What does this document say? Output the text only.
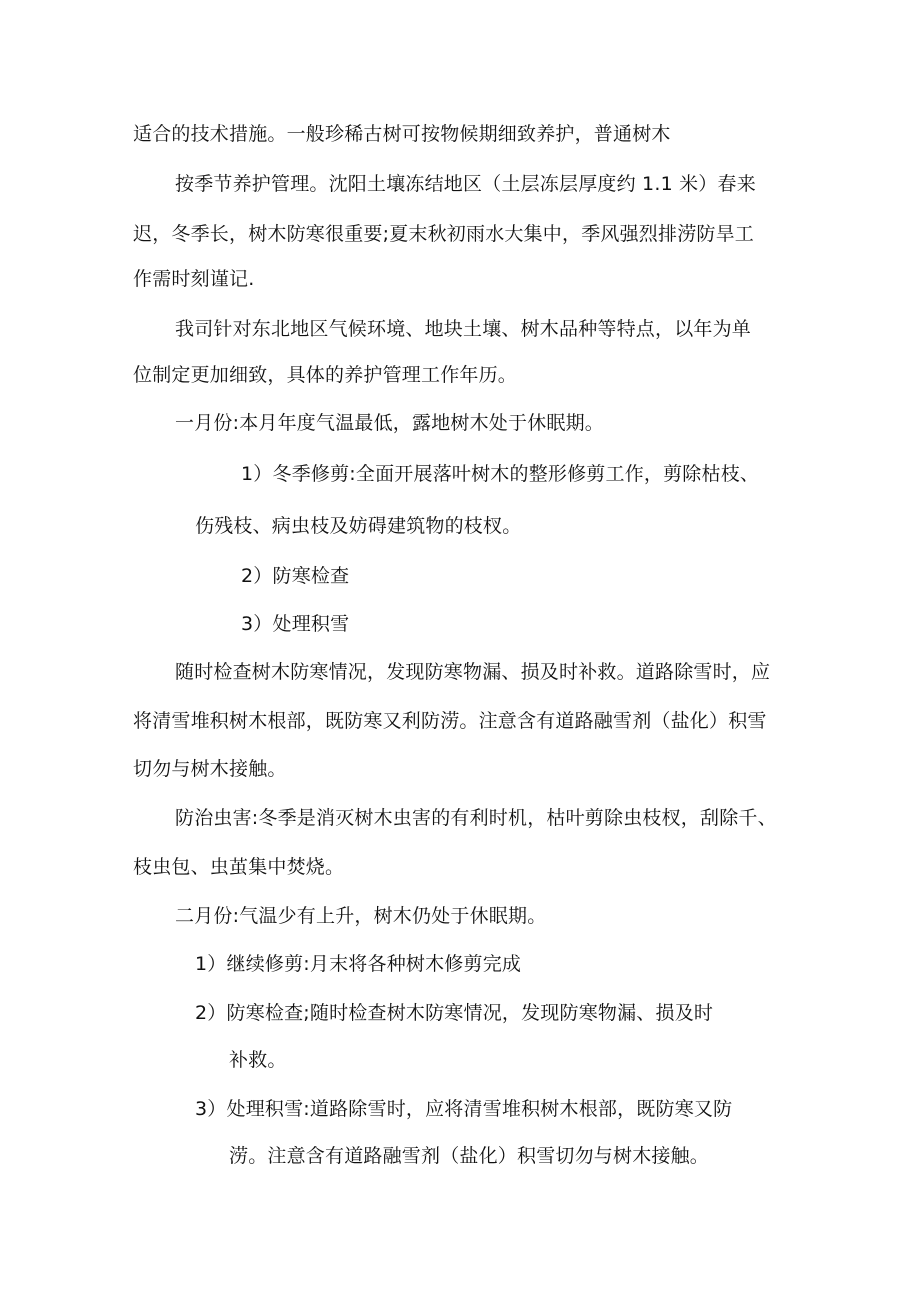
适合的技术措施。一般珍稀古树可按物候期细致养护，普通树木
按季节养护管理。沈阳土壤冻结地区（土层冻层厚度约 1.1 米）春来
迟，冬季长，树木防寒很重要;夏末秋初雨水大集中，季风强烈排涝防旱工
作需时刻谨记.
我司针对东北地区气候环境、地块土壤、树木品种等特点，以年为单
位制定更加细致，具体的养护管理工作年历。
一月份:本月年度气温最低，露地树木处于休眠期。
1）冬季修剪:全面开展落叶树木的整形修剪工作，剪除枯枝、
伤残枝、病虫枝及妨碍建筑物的枝杈。
2）防寒检查
3）处理积雪
随时检查树木防寒情况，发现防寒物漏、损及时补救。道路除雪时，应
将清雪堆积树木根部，既防寒又利防涝。注意含有道路融雪剂（盐化）积雪
切勿与树木接触。
防治虫害:冬季是消灭树木虫害的有利时机，枯叶剪除虫枝杈，刮除千、
枝虫包、虫茧集中焚烧。
二月份:气温少有上升，树木仍处于休眠期。
1）继续修剪:月末将各种树木修剪完成
2）防寒检查;随时检查树木防寒情况，发现防寒物漏、损及时
补救。
3）处理积雪:道路除雪时，应将清雪堆积树木根部，既防寒又防
涝。注意含有道路融雪剂（盐化）积雪切勿与树木接触。
